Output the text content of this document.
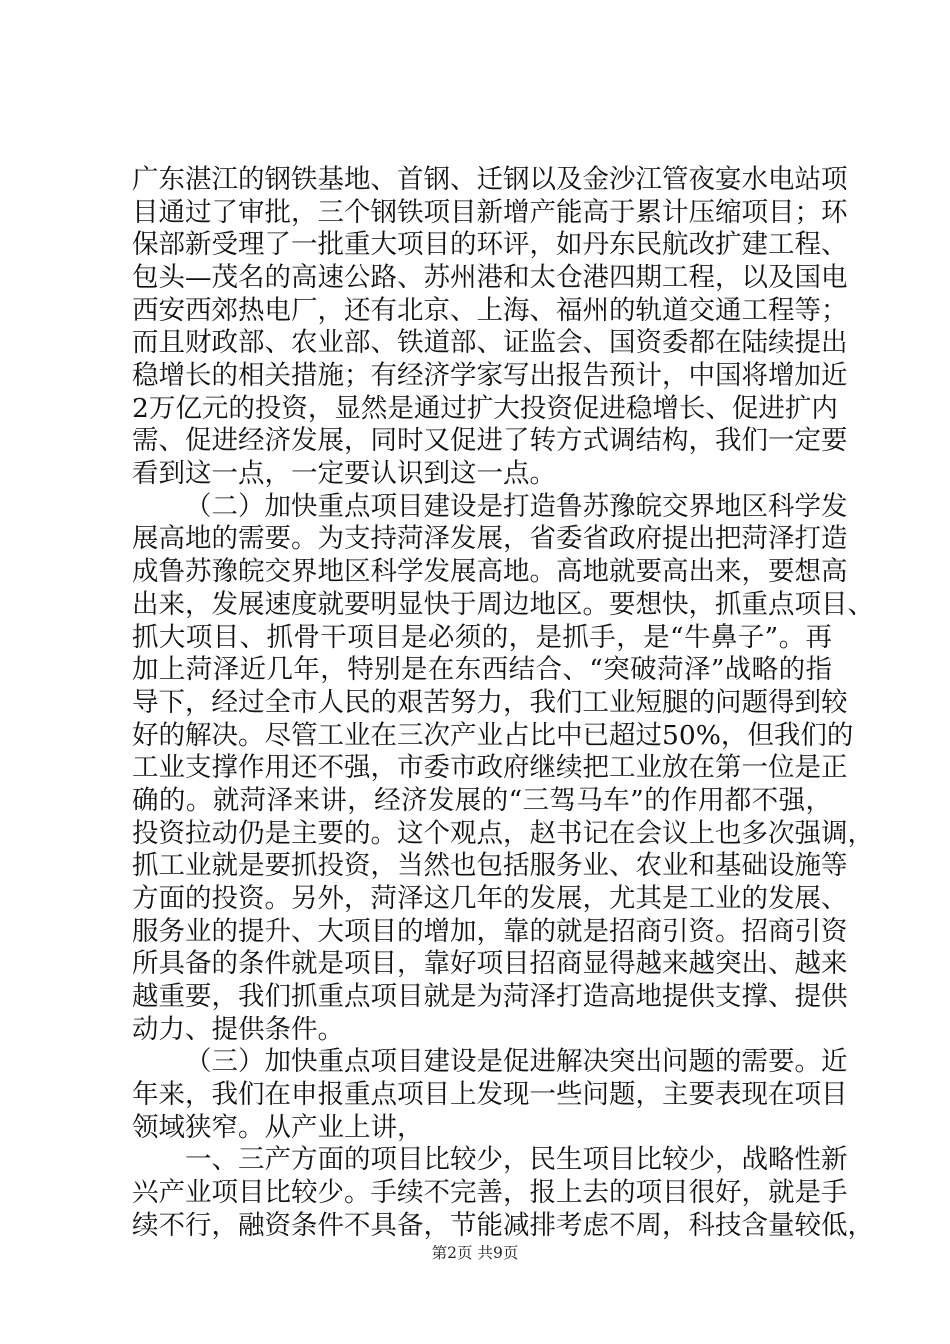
广东湛江的钢铁基地、首钢、迁钢以及金沙江管夜宴水电站项
目通过了审批，三个钢铁项目新增产能高于累计压缩项目；环
保部新受理了一批重大项目的环评，如丹东民航改扩建工程、
包头—茂名的高速公路、苏州港和太仓港四期工程，以及国电
西安西郊热电厂，还有北京、上海、福州的轨道交通工程等；
而且财政部、农业部、铁道部、证监会、国资委都在陆续提出
稳增长的相关措施；有经济学家写出报告预计，中国将增加近
2万亿元的投资，显然是通过扩大投资促进稳增长、促进扩内
需、促进经济发展，同时又促进了转方式调结构，我们一定要
看到这一点，一定要认识到这一点。
（二）加快重点项目建设是打造鲁苏豫皖交界地区科学发
展高地的需要。为支持菏泽发展，省委省政府提出把菏泽打造
成鲁苏豫皖交界地区科学发展高地。高地就要高出来，要想高
出来，发展速度就要明显快于周边地区。要想快，抓重点项目、
抓大项目、抓骨干项目是必须的，是抓手，是“牛鼻子”。再
加上菏泽近几年，特别是在东西结合、“突破菏泽”战略的指
导下，经过全市人民的艰苦努力，我们工业短腿的问题得到较
好的解决。尽管工业在三次产业占比中已超过50%，但我们的
工业支撑作用还不强，市委市政府继续把工业放在第一位是正
确的。就菏泽来讲，经济发展的“三驾马车”的作用都不强，
投资拉动仍是主要的。这个观点，赵书记在会议上也多次强调，
抓工业就是要抓投资，当然也包括服务业、农业和基础设施等
方面的投资。另外，菏泽这几年的发展，尤其是工业的发展、
服务业的提升、大项目的增加，靠的就是招商引资。招商引资
所具备的条件就是项目，靠好项目招商显得越来越突出、越来
越重要，我们抓重点项目就是为菏泽打造高地提供支撑、提供
动力、提供条件。
（三）加快重点项目建设是促进解决突出问题的需要。近
年来，我们在申报重点项目上发现一些问题，主要表现在项目
领域狭窄。从产业上讲，
一、三产方面的项目比较少，民生项目比较少，战略性新
兴产业项目比较少。手续不完善，报上去的项目很好，就是手
续不行，融资条件不具备，节能减排考虑不周，科技含量较低，
第2页 共9页
